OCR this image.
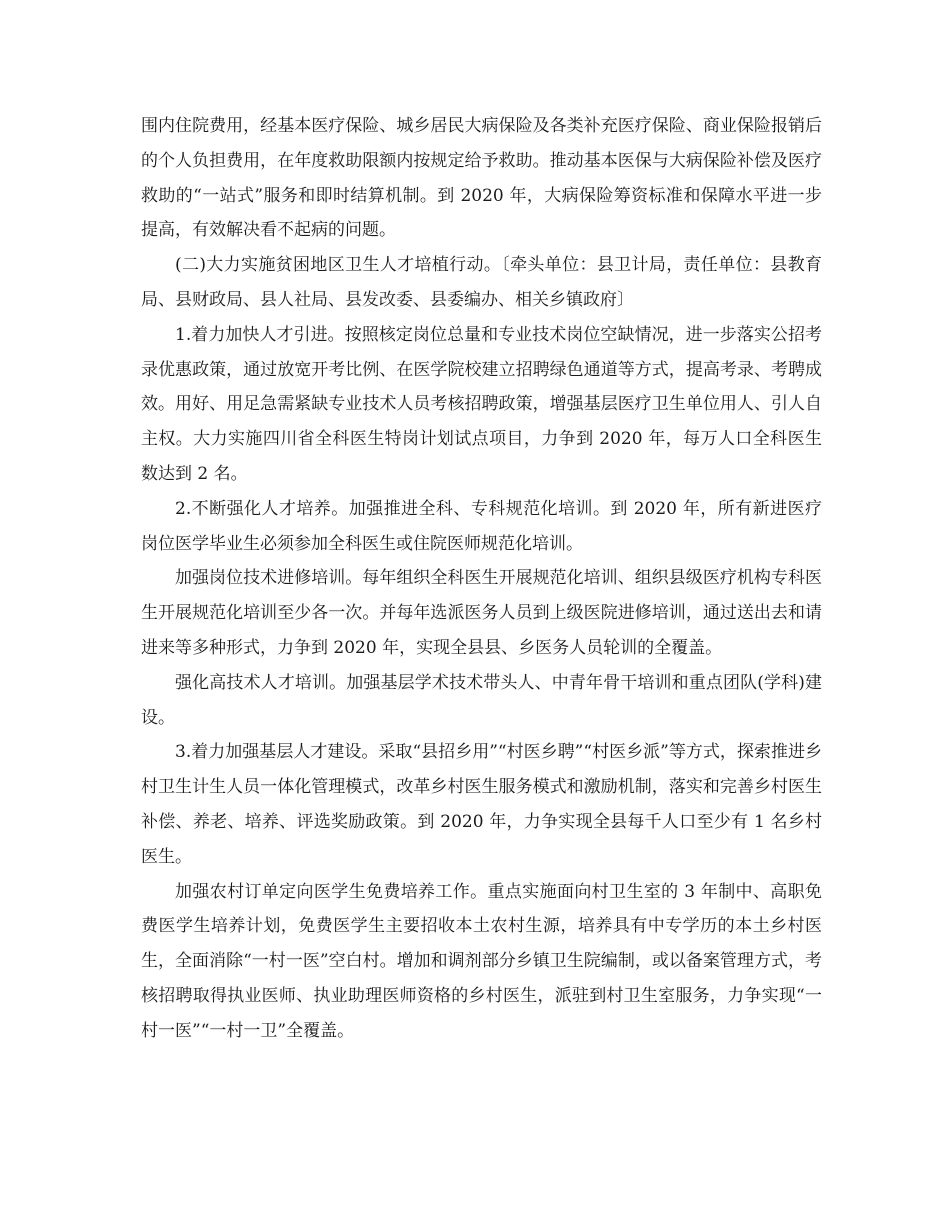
围内住院费用，经基本医疗保险、城乡居民大病保险及各类补充医疗保险、商业保险报销后的个人负担费用，在年度救助限额内按规定给予救助。推动基本医保与大病保险补偿及医疗救助的“一站式”服务和即时结算机制。到 2020 年，大病保险筹资标准和保障水平进一步提高，有效解决看不起病的问题。

(二)大力实施贫困地区卫生人才培植行动。〔牵头单位：县卫计局，责任单位：县教育局、县财政局、县人社局、县发改委、县委编办、相关乡镇政府〕

1.着力加快人才引进。按照核定岗位总量和专业技术岗位空缺情况，进一步落实公招考录优惠政策，通过放宽开考比例、在医学院校建立招聘绿色通道等方式，提高考录、考聘成效。用好、用足急需紧缺专业技术人员考核招聘政策，增强基层医疗卫生单位用人、引人自主权。大力实施四川省全科医生特岗计划试点项目，力争到 2020 年，每万人口全科医生数达到 2 名。

2.不断强化人才培养。加强推进全科、专科规范化培训。到 2020 年，所有新进医疗岗位医学毕业生必须参加全科医生或住院医师规范化培训。

加强岗位技术进修培训。每年组织全科医生开展规范化培训、组织县级医疗机构专科医生开展规范化培训至少各一次。并每年选派医务人员到上级医院进修培训，通过送出去和请进来等多种形式，力争到 2020 年，实现全县县、乡医务人员轮训的全覆盖。

强化高技术人才培训。加强基层学术技术带头人、中青年骨干培训和重点团队(学科)建设。

3.着力加强基层人才建设。采取“县招乡用”“村医乡聘”“村医乡派”等方式，探索推进乡村卫生计生人员一体化管理模式，改革乡村医生服务模式和激励机制，落实和完善乡村医生补偿、养老、培养、评选奖励政策。到 2020 年，力争实现全县每千人口至少有 1 名乡村医生。

加强农村订单定向医学生免费培养工作。重点实施面向村卫生室的 3 年制中、高职免费医学生培养计划，免费医学生主要招收本土农村生源，培养具有中专学历的本土乡村医生，全面消除“一村一医”空白村。增加和调剂部分乡镇卫生院编制，或以备案管理方式，考核招聘取得执业医师、执业助理医师资格的乡村医生，派驻到村卫生室服务，力争实现“一村一医”“一村一卫”全覆盖。
